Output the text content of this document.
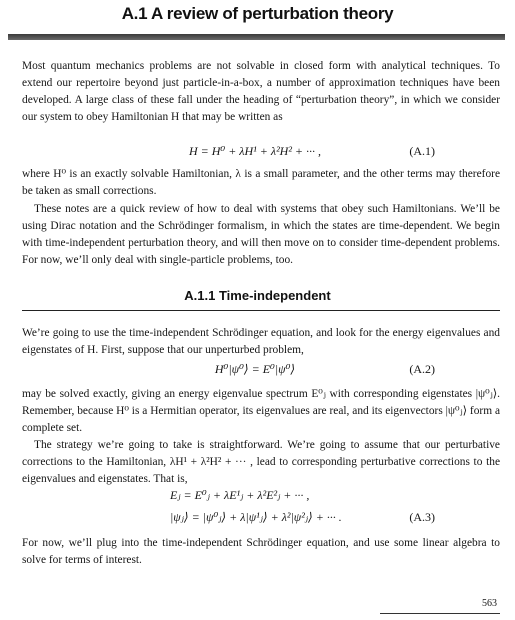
A.1 A review of perturbation theory

Most quantum mechanics problems are not solvable in closed form with analytical techniques. To extend our repertoire beyond just particle-in-a-box, a number of approximation techniques have been developed. A large class of these fall under the heading of “perturbation theory”, in which we consider our system to obey Hamiltonian H that may be written as

H = H⁰ + λH¹ + λ²H² + ··· ,	(A.1)

where H⁰ is an exactly solvable Hamiltonian, λ is a small parameter, and the other terms may therefore be taken as small corrections.

These notes are a quick review of how to deal with systems that obey such Hamiltonians. We’ll be using Dirac notation and the Schrödinger formalism, in which the states are time-dependent. We begin with time-independent perturbation theory, and will then move on to consider time-dependent problems. For now, we’ll only deal with single-particle problems, too.

A.1.1 Time-independent

We’re going to use the time-independent Schrödinger equation, and look for the energy eigenvalues and eigenstates of H. First, suppose that our unperturbed problem,

H⁰|ψ⁰⟩ = E⁰|ψ⁰⟩	(A.2)

may be solved exactly, giving an energy eigenvalue spectrum E⁰ⱼ with corresponding eigenstates |ψ⁰ⱼ⟩. Remember, because H⁰ is a Hermitian operator, its eigenvalues are real, and its eigenvectors |ψ⁰ⱼ⟩ form a complete set.

The strategy we’re going to take is straightforward. We’re going to assume that our perturbative corrections to the Hamiltonian, λH¹ + λ²H² + ··· , lead to corresponding perturbative corrections to the eigenvalues and eigenstates. That is,

Eⱼ = E⁰ⱼ + λE¹ⱼ + λ²E²ⱼ + ··· ,
|ψⱼ⟩ = |ψ⁰ⱼ⟩ + λ|ψ¹ⱼ⟩ + λ²|ψ²ⱼ⟩ + ··· .	(A.3)

For now, we’ll plug into the time-independent Schrödinger equation, and use some linear algebra to solve for terms of interest.

563
